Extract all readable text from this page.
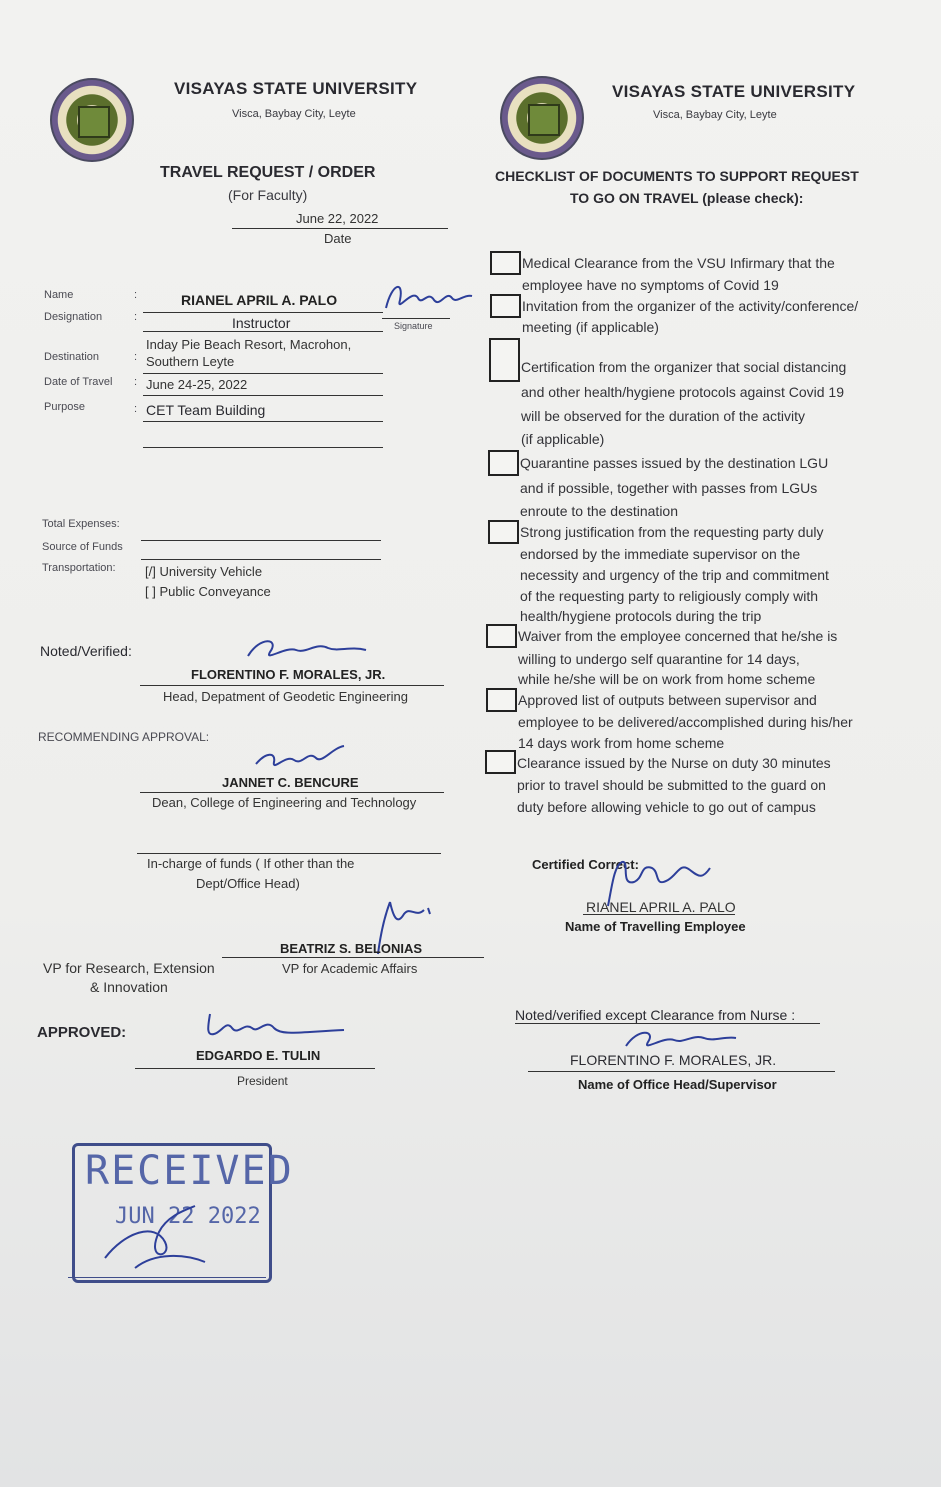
VISAYAS STATE UNIVERSITY
Visca, Baybay City, Leyte
TRAVEL REQUEST / ORDER
(For Faculty)
June 22, 2022
Date
Name	:	RIANEL APRIL A. PALO
Signature
Designation	:	Instructor
Inday Pie Beach Resort, Macrohon,
Destination	: Southern Leyte
Date of Travel : June 24-25, 2022
Purpose	: CET Team Building
Total Expenses:
Source of Funds
Transportation: [/] University Vehicle
[ ] Public Conveyance
Noted/Verified:
FLORENTINO F. MORALES, JR.
Head, Depatment of Geodetic Engineering
RECOMMENDING APPROVAL:
JANNET C. BENCURE
Dean, College of Engineering and Technology
In-charge of funds ( If other than the
Dept/Office Head)
BEATRIZ S. BELONIAS
VP for Academic Affairs
VP for Research, Extension
& Innovation
APPROVED:
EDGARDO E. TULIN
President
RECEIVED
JUN 22 2022
VISAYAS STATE UNIVERSITY
Visca, Baybay City, Leyte
CHECKLIST OF DOCUMENTS TO SUPPORT REQUEST
TO GO ON TRAVEL (please check):
Medical Clearance from the VSU Infirmary that the
employee have no symptoms of Covid 19
Invitation from the organizer of the activity/conference/
meeting (if applicable)
Certification from the organizer that social distancing
and other health/hygiene protocols against Covid 19
will be observed for the duration of the activity
(if applicable)
Quarantine passes issued by the destination LGU
and if possible, together with passes from LGUs
enroute to the destination
Strong justification from the requesting party duly
endorsed by the immediate supervisor on the
necessity and urgency of the trip and commitment
of the requesting party to religiously comply with
health/hygiene protocols during the trip
Waiver from the employee concerned that he/she is
willing to undergo self quarantine for 14 days,
while he/she will be on work from home scheme
Approved list of outputs between supervisor and
employee to be delivered/accomplished during his/her
14 days work from home scheme
Clearance issued by the Nurse on duty 30 minutes
prior to travel should be submitted to the guard on
duty before allowing vehicle to go out of campus
Certified Correct:
RIANEL APRIL A. PALO
Name of Travelling Employee
Noted/verified except Clearance from Nurse :
FLORENTINO F. MORALES, JR.
Name of Office Head/Supervisor
